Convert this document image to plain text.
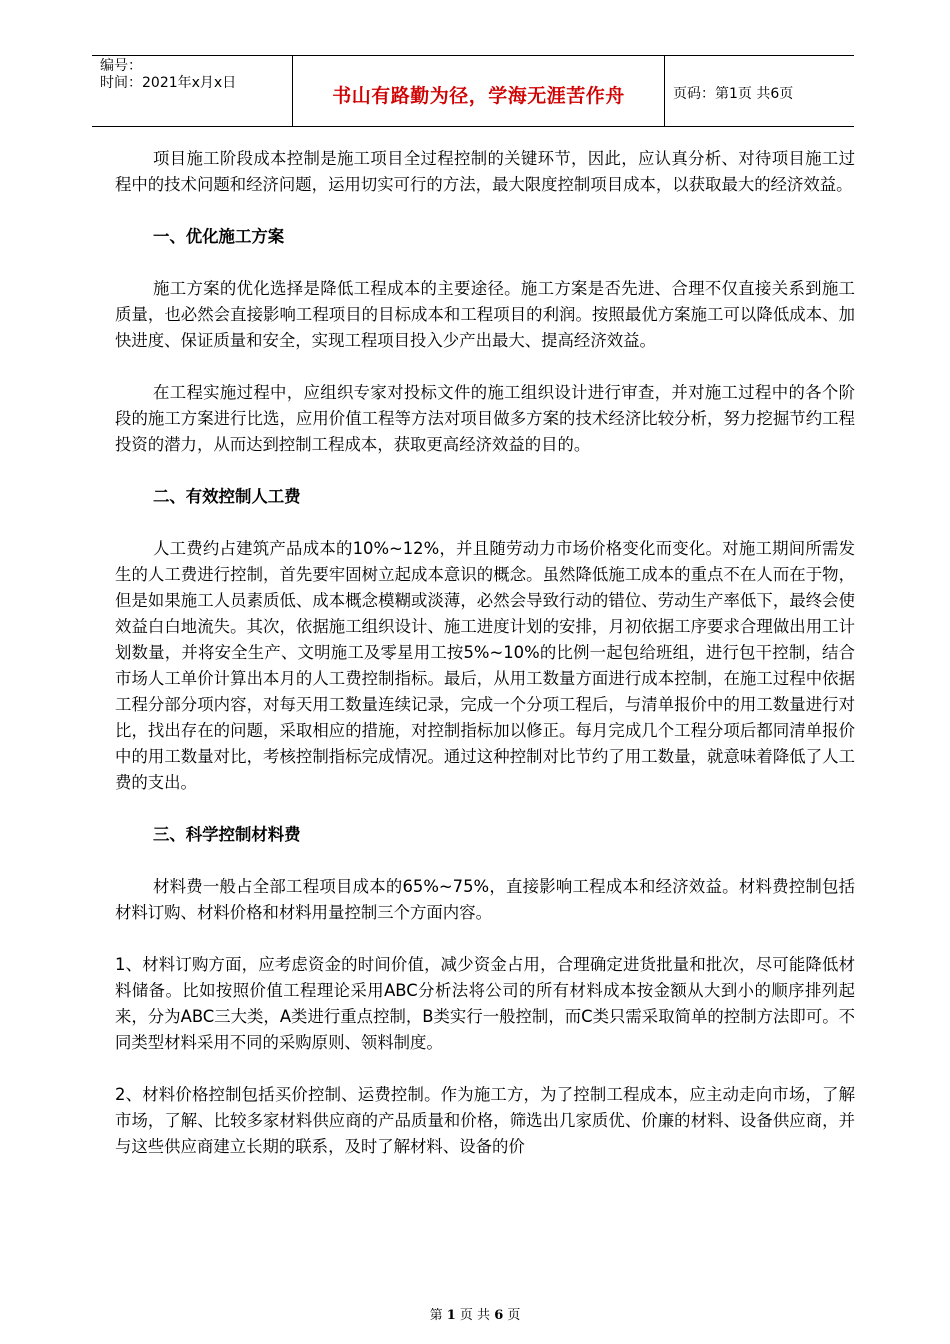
编号：
时间：2021年x月x日
书山有路勤为径，学海无涯苦作舟	页码：第1页 共6页

项目施工阶段成本控制是施工项目全过程控制的关键环节，因此，应认真分析、对待项目施工过程中的技术问题和经济问题，运用切实可行的方法，最大限度控制项目成本，以获取最大的经济效益。

一、优化施工方案

施工方案的优化选择是降低工程成本的主要途径。施工方案是否先进、合理不仅直接关系到施工质量，也必然会直接影响工程项目的目标成本和工程项目的利润。按照最优方案施工可以降低成本、加快进度、保证质量和安全，实现工程项目投入少产出最大、提高经济效益。

在工程实施过程中，应组织专家对投标文件的施工组织设计进行审查，并对施工过程中的各个阶段的施工方案进行比选，应用价值工程等方法对项目做多方案的技术经济比较分析，努力挖掘节约工程投资的潜力，从而达到控制工程成本，获取更高经济效益的目的。

二、有效控制人工费

人工费约占建筑产品成本的10%~12%，并且随劳动力市场价格变化而变化。对施工期间所需发生的人工费进行控制，首先要牢固树立起成本意识的概念。虽然降低施工成本的重点不在人而在于物，但是如果施工人员素质低、成本概念模糊或淡薄，必然会导致行动的错位、劳动生产率低下，最终会使效益白白地流失。其次，依据施工组织设计、施工进度计划的安排，月初依据工序要求合理做出用工计划数量，并将安全生产、文明施工及零星用工按5%~10%的比例一起包给班组，进行包干控制，结合市场人工单价计算出本月的人工费控制指标。最后，从用工数量方面进行成本控制，在施工过程中依据工程分部分项内容，对每天用工数量连续记录，完成一个分项工程后，与清单报价中的用工数量进行对比，找出存在的问题，采取相应的措施，对控制指标加以修正。每月完成几个工程分项后都同清单报价中的用工数量对比，考核控制指标完成情况。通过这种控制对比节约了用工数量，就意味着降低了人工费的支出。

三、科学控制材料费

材料费一般占全部工程项目成本的65%~75%，直接影响工程成本和经济效益。材料费控制包括材料订购、材料价格和材料用量控制三个方面内容。

1、材料订购方面，应考虑资金的时间价值，减少资金占用，合理确定进货批量和批次，尽可能降低材料储备。比如按照价值工程理论采用ABC分析法将公司的所有材料成本按金额从大到小的顺序排列起来，分为ABC三大类，A类进行重点控制，B类实行一般控制，而C类只需采取简单的控制方法即可。不同类型材料采用不同的采购原则、领料制度。

2、材料价格控制包括买价控制、运费控制。作为施工方，为了控制工程成本，应主动走向市场，了解市场，了解、比较多家材料供应商的产品质量和价格，筛选出几家质优、价廉的材料、设备供应商，并与这些供应商建立长期的联系，及时了解材料、设备的价

第 1 页 共 6 页
